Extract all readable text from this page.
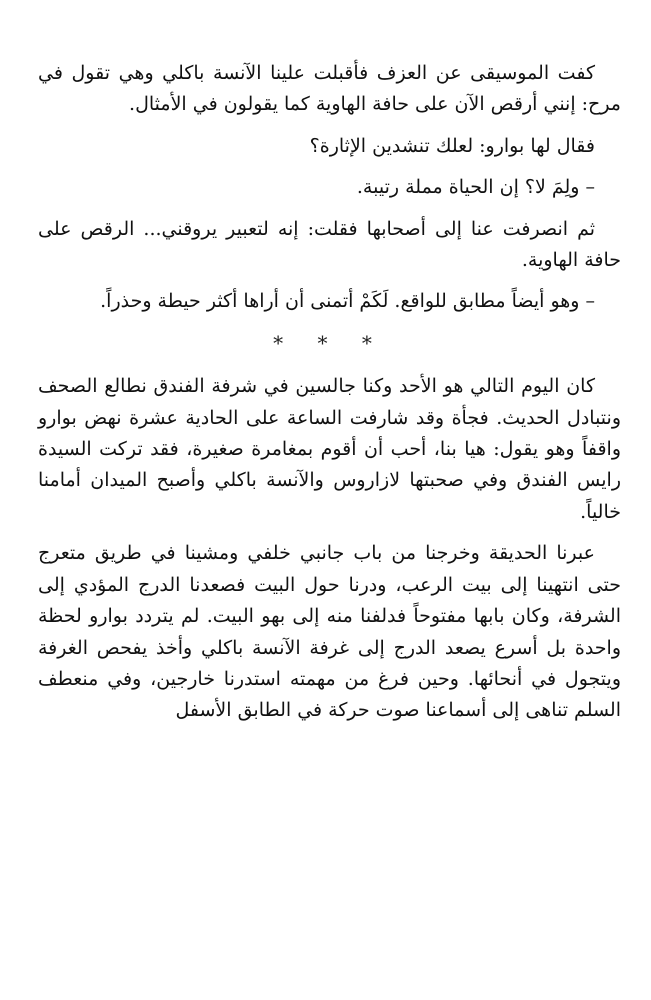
كفت الموسيقى عن العزف فأقبلت علينا الآنسة باكلي وهي تقول في مرح: إنني أرقص الآن على حافة الهاوية كما يقولون في الأمثال.

فقال لها بوارو: لعلك تنشدين الإثارة؟

– ولِمَ لا؟ إن الحياة مملة رتيبة.

ثم انصرفت عنا إلى أصحابها فقلت: إنه لتعبير يروقني... الرقص على حافة الهاوية.

– وهو أيضاً مطابق للواقع. لَكَمْ أتمنى أن أراها أكثر حيطة وحذراً.

* * *

كان اليوم التالي هو الأحد وكنا جالسين في شرفة الفندق نطالع الصحف ونتبادل الحديث. فجأة وقد شارفت الساعة على الحادية عشرة نهض بوارو واقفاً وهو يقول: هيا بنا، أحب أن أقوم بمغامرة صغيرة، فقد تركت السيدة رايس الفندق وفي صحبتها لازاروس والآنسة باكلي وأصبح الميدان أمامنا خالياً.

عبرنا الحديقة وخرجنا من باب جانبي خلفي ومشينا في طريق متعرج حتى انتهينا إلى بيت الرعب، ودرنا حول البيت فصعدنا الدرج المؤدي إلى الشرفة، وكان بابها مفتوحاً فدلفنا منه إلى بهو البيت. لم يتردد بوارو لحظة واحدة بل أسرع يصعد الدرج إلى غرفة الآنسة باكلي وأخذ يفحص الغرفة ويتجول في أنحائها. وحين فرغ من مهمته استدرنا خارجين، وفي منعطف السلم تناهى إلى أسماعنا صوت حركة في الطابق الأسفل
